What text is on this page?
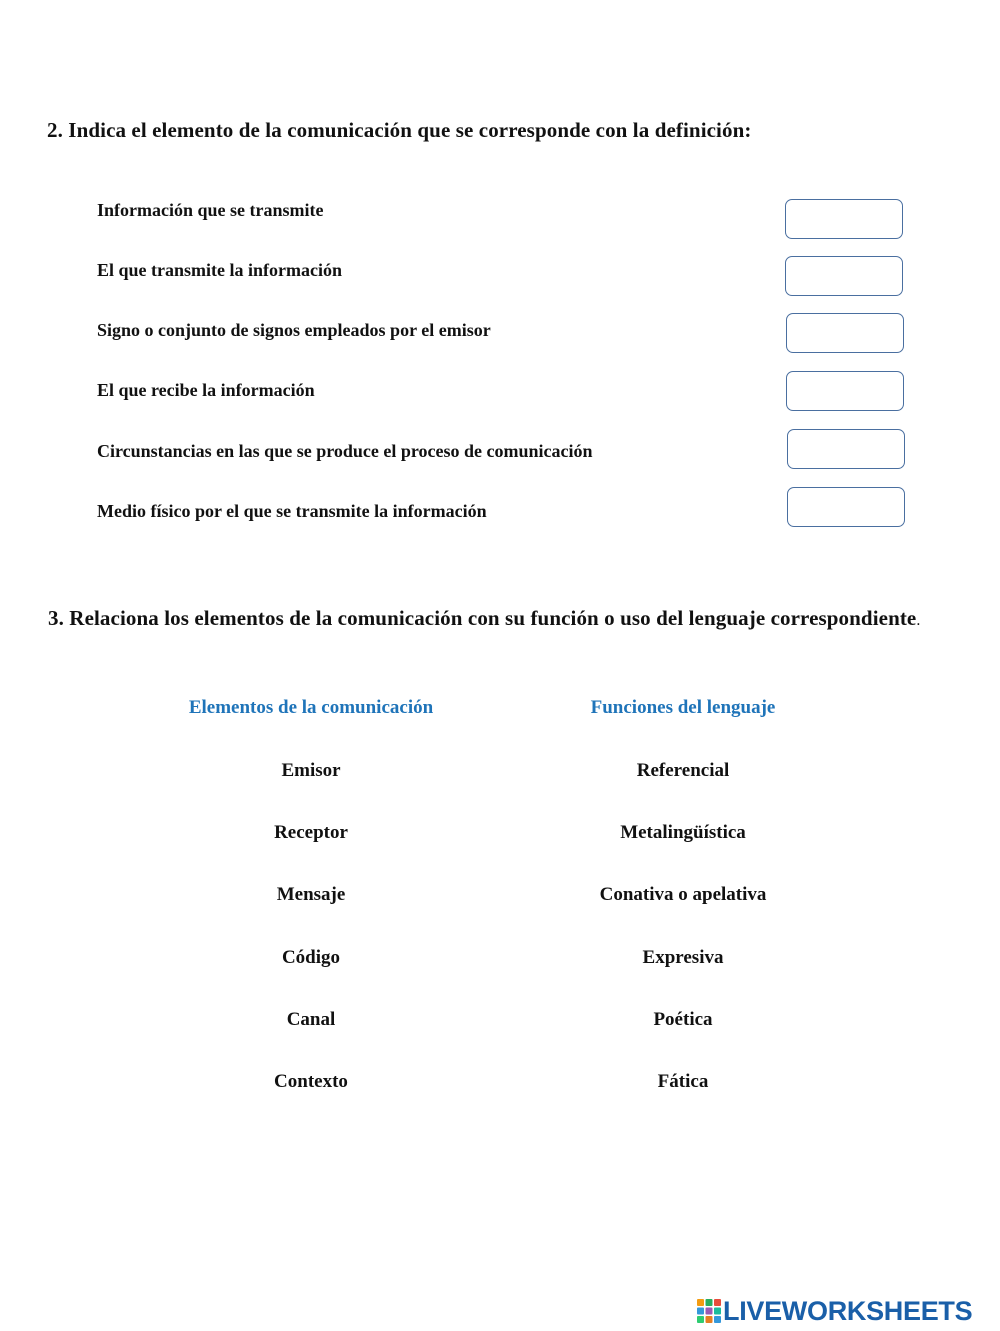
2. Indica el elemento de la comunicación que se corresponde con la definición:
Información que se transmite
El que transmite la información
Signo o conjunto de signos empleados por el emisor
El que recibe la información
Circunstancias en las que se produce el proceso de comunicación
Medio físico por el que se transmite la información
3. Relaciona los elementos de la comunicación con su función o uso del lenguaje correspondiente.
Elementos de la comunicación	Funciones del lenguaje
Emisor
Receptor
Mensaje
Código
Canal
Contexto
Referencial
Metalingüística
Conativa o apelativa
Expresiva
Poética
Fática
LIVEWORKSHEETS
